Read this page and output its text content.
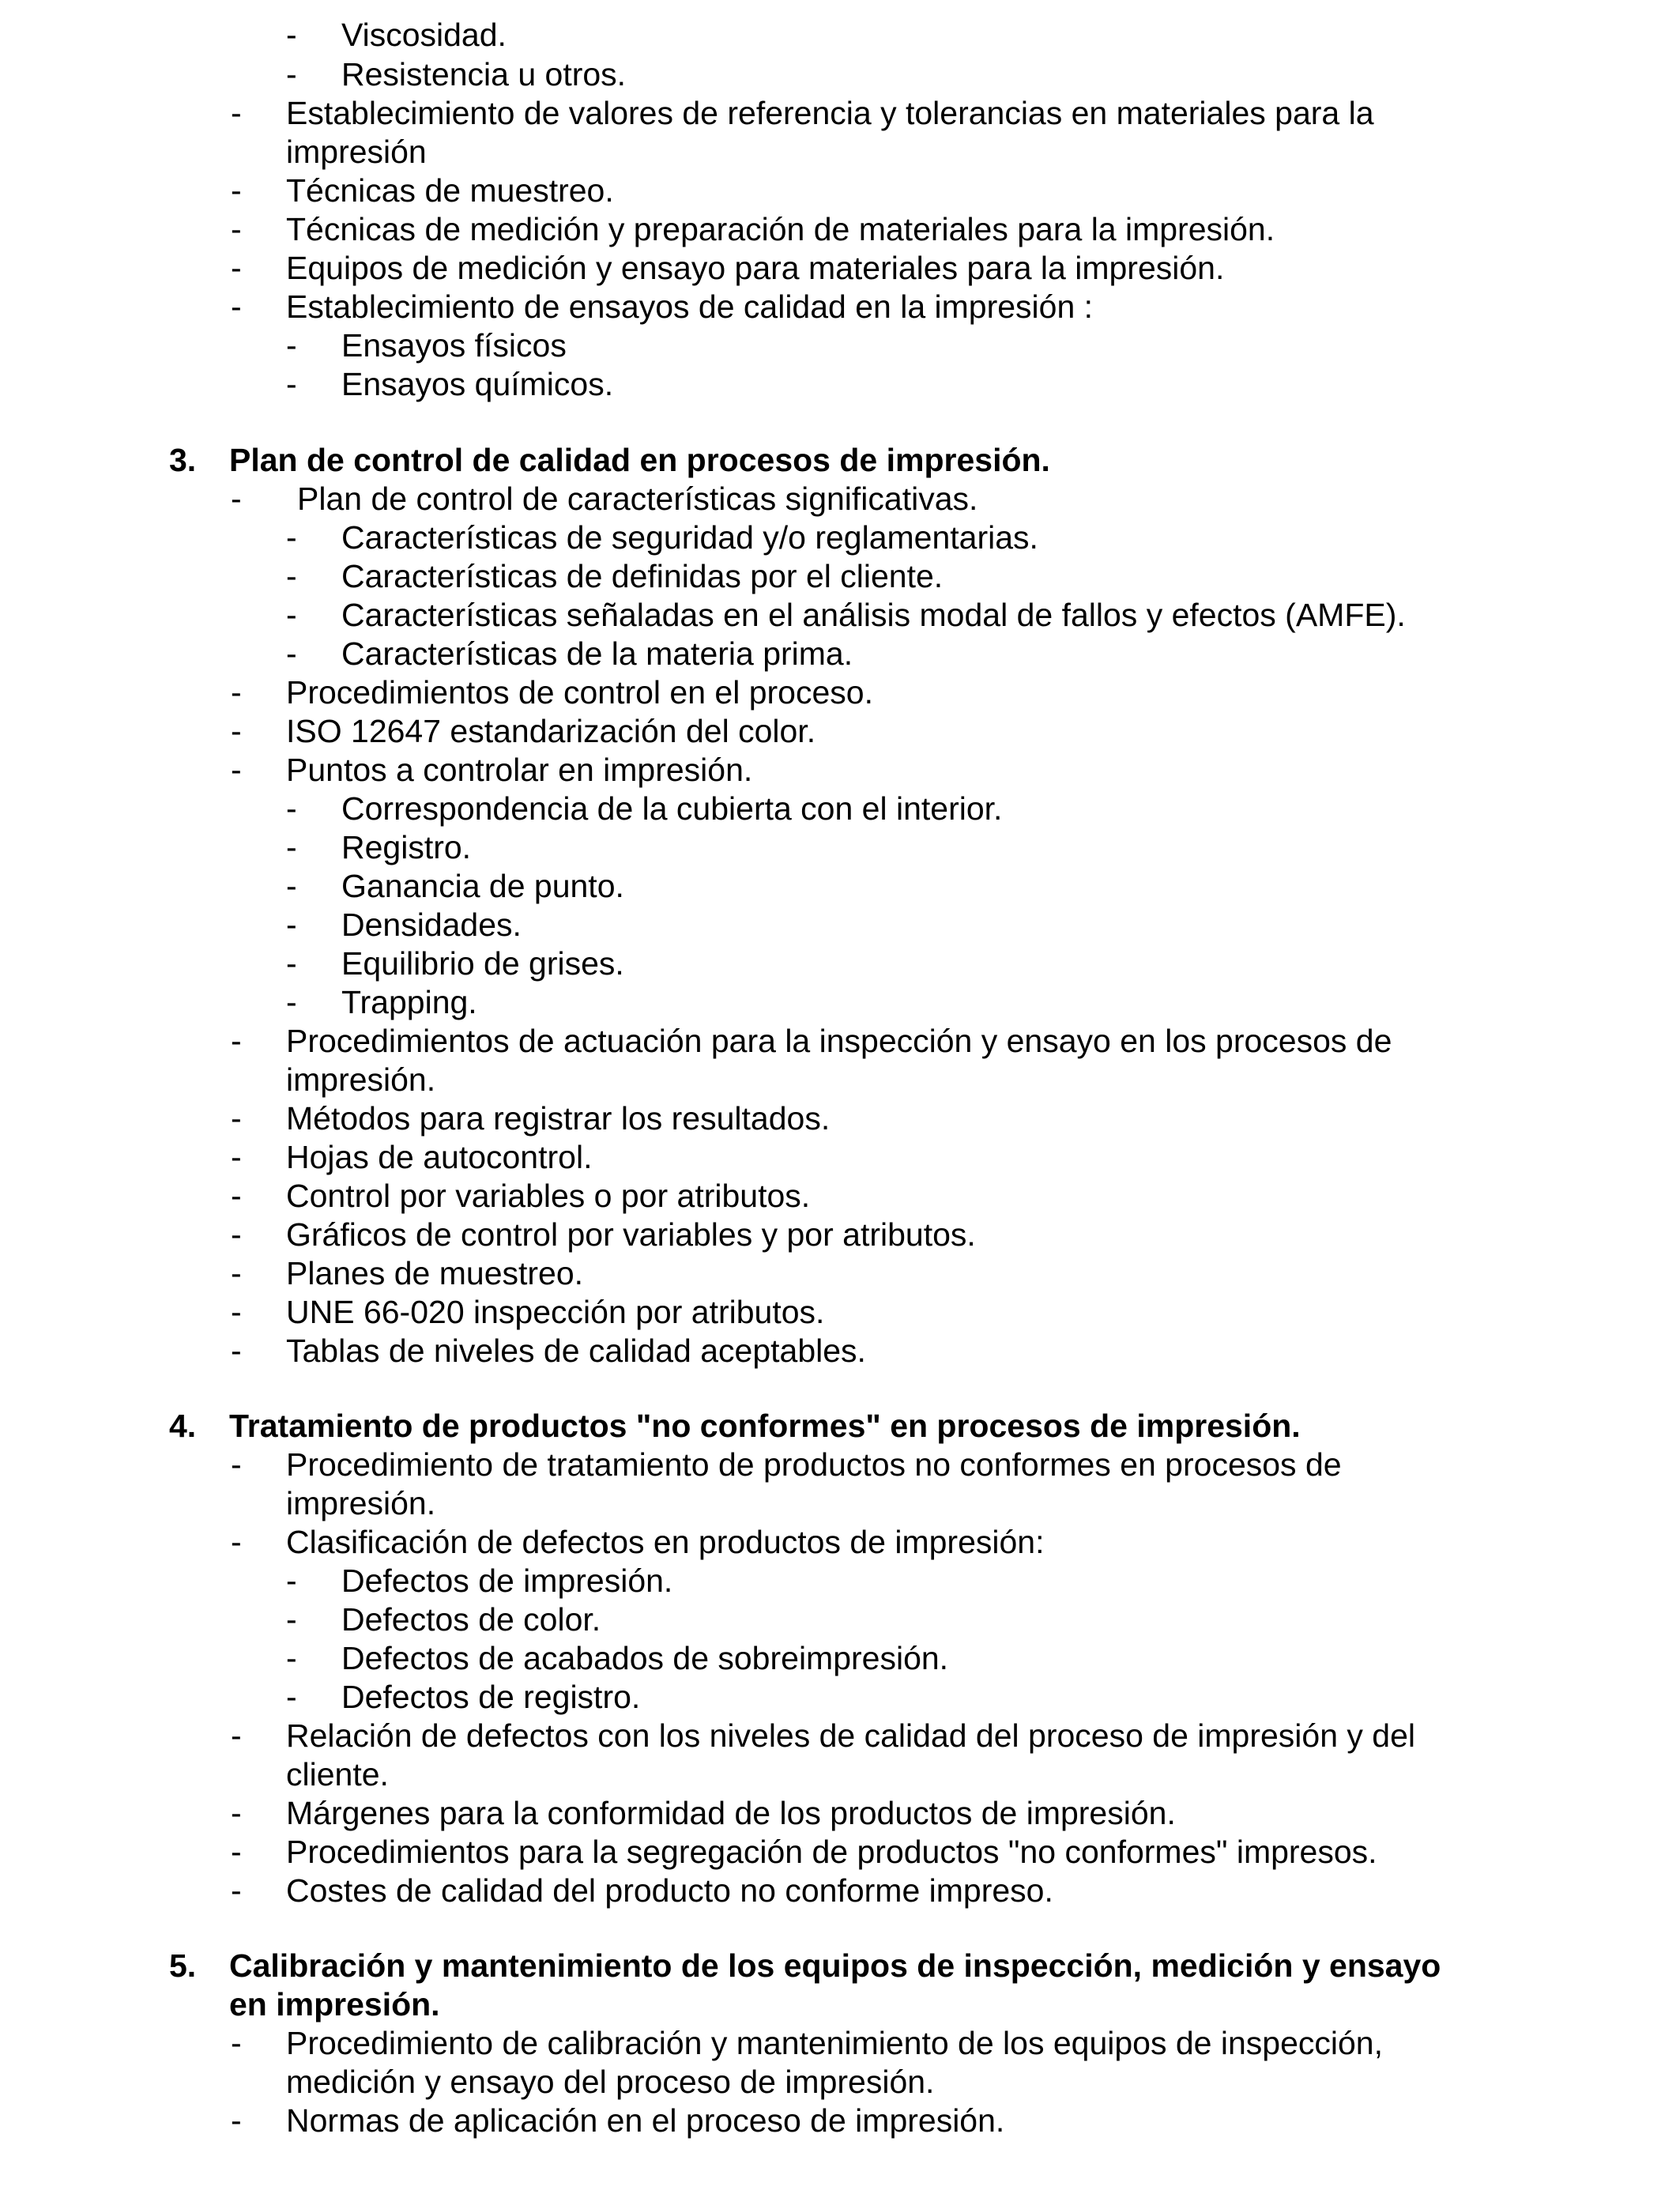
- Viscosidad.
- Resistencia u otros.
- Establecimiento de valores de referencia y tolerancias en materiales para la
impresión
- Técnicas de muestreo.
- Técnicas de medición y preparación de materiales para la impresión.
- Equipos de medición y ensayo para materiales para la impresión.
- Establecimiento de ensayos de calidad en la impresión :
- Ensayos físicos
- Ensayos químicos.
3. Plan de control de calidad en procesos de impresión.
- Plan de control de características significativas.
- Características de seguridad y/o reglamentarias.
- Características de definidas por el cliente.
- Características señaladas en el análisis modal de fallos y efectos (AMFE).
- Características de la materia prima.
- Procedimientos de control en el proceso.
- ISO 12647 estandarización del color.
- Puntos a controlar en impresión.
- Correspondencia de la cubierta con el interior.
- Registro.
- Ganancia de punto.
- Densidades.
- Equilibrio de grises.
- Trapping.
- Procedimientos de actuación para la inspección y ensayo en los procesos de
impresión.
- Métodos para registrar los resultados.
- Hojas de autocontrol.
- Control por variables o por atributos.
- Gráficos de control por variables y por atributos.
- Planes de muestreo.
- UNE 66-020 inspección por atributos.
- Tablas de niveles de calidad aceptables.
4. Tratamiento de productos "no conformes" en procesos de impresión.
- Procedimiento de tratamiento de productos no conformes en procesos de
impresión.
- Clasificación de defectos en productos de impresión:
- Defectos de impresión.
- Defectos de color.
- Defectos de acabados de sobreimpresión.
- Defectos de registro.
- Relación de defectos con los niveles de calidad del proceso de impresión y del
cliente.
- Márgenes para la conformidad de los productos de impresión.
- Procedimientos para la segregación de productos "no conformes" impresos.
- Costes de calidad del producto no conforme impreso.
5. Calibración y mantenimiento de los equipos de inspección, medición y ensayo
en impresión.
- Procedimiento de calibración y mantenimiento de los equipos de inspección,
medición y ensayo del proceso de impresión.
- Normas de aplicación en el proceso de impresión.
